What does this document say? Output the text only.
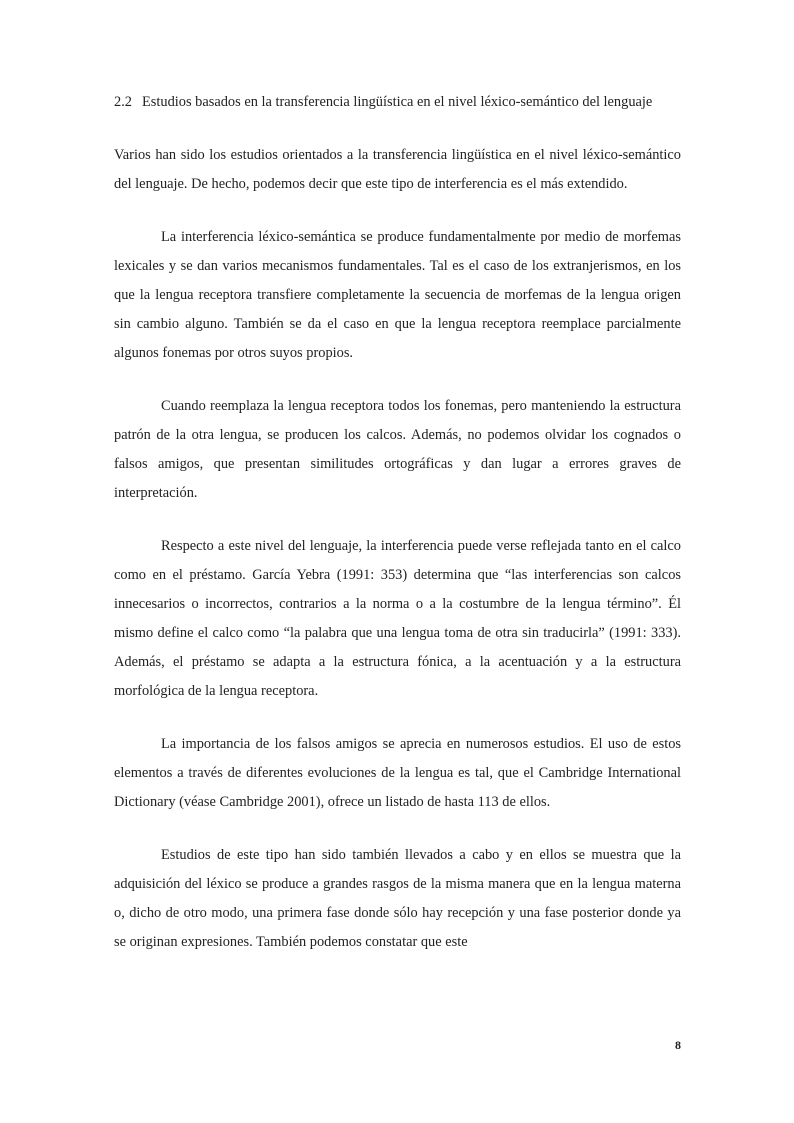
2.2 Estudios basados en la transferencia lingüística en el nivel léxico-semántico del lenguaje

Varios han sido los estudios orientados a la transferencia lingüística en el nivel léxico-semántico del lenguaje. De hecho, podemos decir que este tipo de interferencia es el más extendido.

La interferencia léxico-semántica se produce fundamentalmente por medio de morfemas lexicales y se dan varios mecanismos fundamentales. Tal es el caso de los extranjerismos, en los que la lengua receptora transfiere completamente la secuencia de morfemas de la lengua origen sin cambio alguno. También se da el caso en que la lengua receptora reemplace parcialmente algunos fonemas por otros suyos propios.

Cuando reemplaza la lengua receptora todos los fonemas, pero manteniendo la estructura patrón de la otra lengua, se producen los calcos. Además, no podemos olvidar los cognados o falsos amigos, que presentan similitudes ortográficas y dan lugar a errores graves de interpretación.

Respecto a este nivel del lenguaje, la interferencia puede verse reflejada tanto en el calco como en el préstamo. García Yebra (1991: 353) determina que “las interferencias son calcos innecesarios o incorrectos, contrarios a la norma o a la costumbre de la lengua término”. Él mismo define el calco como “la palabra que una lengua toma de otra sin traducirla” (1991: 333). Además, el préstamo se adapta a la estructura fónica, a la acentuación y a la estructura morfológica de la lengua receptora.

La importancia de los falsos amigos se aprecia en numerosos estudios. El uso de estos elementos a través de diferentes evoluciones de la lengua es tal, que el Cambridge International Dictionary (véase Cambridge 2001), ofrece un listado de hasta 113 de ellos.

Estudios de este tipo han sido también llevados a cabo y en ellos se muestra que la adquisición del léxico se produce a grandes rasgos de la misma manera que en la lengua materna o, dicho de otro modo, una primera fase donde sólo hay recepción y una fase posterior donde ya se originan expresiones. También podemos constatar que este

8
